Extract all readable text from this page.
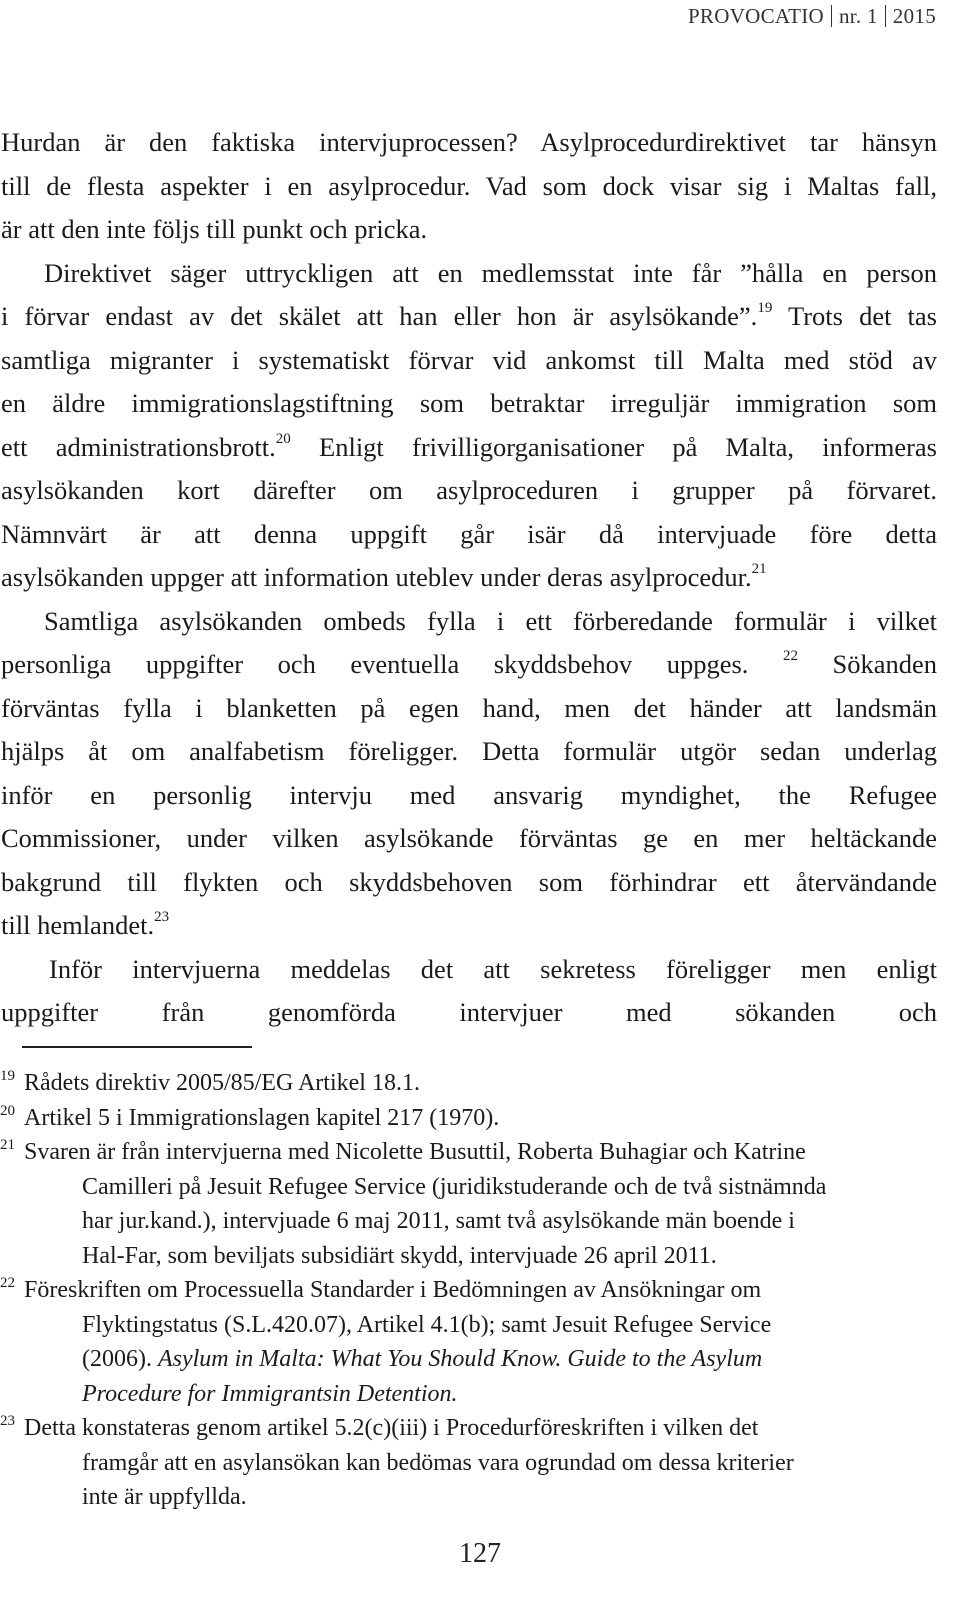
PROVOCATIO nr. 1 2015
Hurdan är den faktiska intervjuprocessen? Asylprocedurdirektivet tar hänsyn
till de flesta aspekter i en asylprocedur. Vad som dock visar sig i Maltas fall,
är att den inte följs till punkt och pricka.
Direktivet säger uttryckligen att en medlemsstat inte får ”hålla en person
i förvar endast av det skälet att han eller hon är asylsökande”.$^{19}$ Trots det tas
samtliga migranter i systematiskt förvar vid ankomst till Malta med stöd av
en äldre immigrationslagstiftning som betraktar irreguljär immigration som
ett administrationsbrott.$^{20}$ Enligt frivilligorganisationer på Malta, informeras
asylsökanden kort därefter om asylproceduren i grupper på förvaret.
Nämnvärt är att denna uppgift går isär då intervjuade före detta
asylsökanden uppger att information uteblev under deras asylprocedur.$^{21}$
Samtliga asylsökanden ombeds fylla i ett förberedande formulär i vilket
personliga uppgifter och eventuella skyddsbehov uppges. $^{22}$ Sökanden
förväntas fylla i blanketten på egen hand, men det händer att landsmän
hjälps åt om analfabetism föreligger. Detta formulär utgör sedan underlag
inför en personlig intervju med ansvarig myndighet, the Refugee
Commissioner, under vilken asylsökande förväntas ge en mer heltäckande
bakgrund till flykten och skyddsbehoven som förhindrar ett återvändande
till hemlandet.$^{23}$
Inför intervjuerna meddelas det att sekretess föreligger men enligt
uppgifter från genomförda intervjuer med sökanden och
19 Rådets direktiv 2005/85/EG Artikel 18.1.
20 Artikel 5 i Immigrationslagen kapitel 217 (1970).
21 Svaren är från intervjuerna med Nicolette Busuttil, Roberta Buhagiar och Katrine
Camilleri på Jesuit Refugee Service (juridikstuderande och de två sistnämnda
har jur.kand.), intervjuade 6 maj 2011, samt två asylsökande män boende i
Hal-Far, som beviljats subsidiärt skydd, intervjuade 26 april 2011.
22 Föreskriften om Processuella Standarder i Bedömningen av Ansökningar om
Flyktingstatus (S.L.420.07), Artikel 4.1(b); samt Jesuit Refugee Service
(2006). Asylum in Malta: What You Should Know. Guide to the Asylum
Procedure for Immigrantsin Detention.
23 Detta konstateras genom artikel 5.2(c)(iii) i Procedurföreskriften i vilken det
framgår att en asylansökan kan bedömas vara ogrundad om dessa kriterier
inte är uppfyllda.
127
